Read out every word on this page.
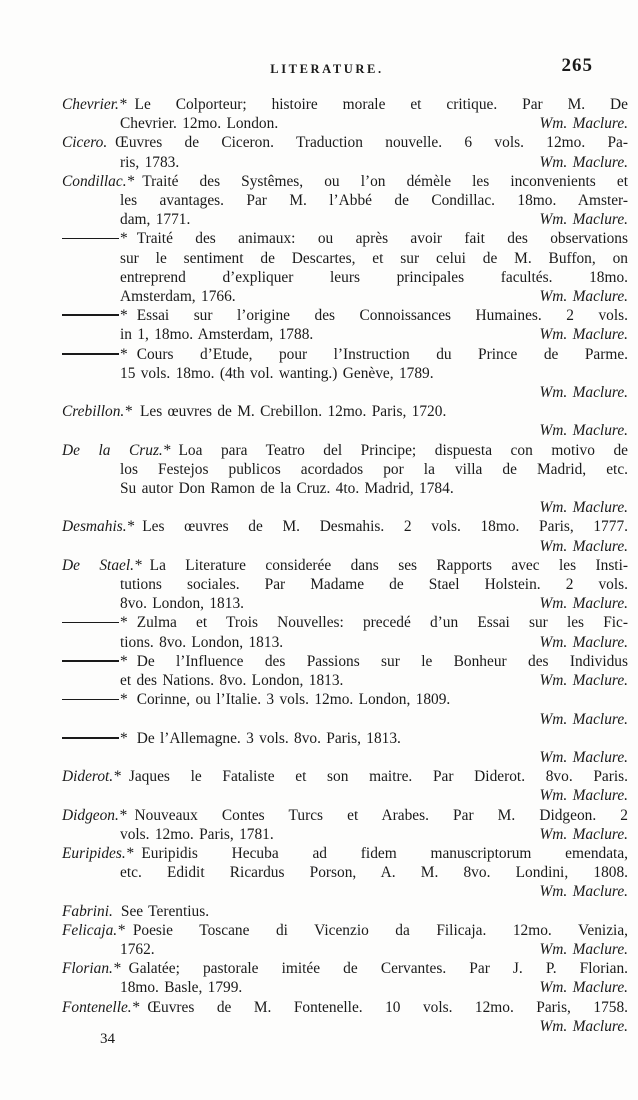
LITERATURE.	265
Chevrier.* Le Colporteur; histoire morale et critique. Par M. De
Chevrier. 12mo. London.	Wm. Maclure.
Cicero. Œuvres de Ciceron. Traduction nouvelle. 6 vols. 12mo. Pa-
ris, 1783.	Wm. Maclure.
Condillac.* Traité des Systêmes, ou l’on démèle les inconvenients et
les avantages. Par M. l’Abbé de Condillac. 18mo. Amster-
dam, 1771.	Wm. Maclure.
* Traité des animaux: ou après avoir fait des observations
sur le sentiment de Descartes, et sur celui de M. Buffon, on
entreprend d’expliquer leurs principales facultés. 18mo.
Amsterdam, 1766.	Wm. Maclure.
* Essai sur l’origine des Connoissances Humaines. 2 vols.
in 1, 18mo. Amsterdam, 1788.	Wm. Maclure.
* Cours d’Etude, pour l’Instruction du Prince de Parme.
15 vols. 18mo. (4th vol. wanting.) Genève, 1789.
Wm. Maclure.
Crebillon.* Les œuvres de M. Crebillon. 12mo. Paris, 1720.
Wm. Maclure.
De la Cruz.* Loa para Teatro del Principe; dispuesta con motivo de
los Festejos publicos acordados por la villa de Madrid, etc.
Su autor Don Ramon de la Cruz. 4to. Madrid, 1784.
Wm. Maclure.
Desmahis.* Les œuvres de M. Desmahis. 2 vols. 18mo. Paris, 1777.
Wm. Maclure.
De Stael.* La Literature considerée dans ses Rapports avec les Insti-
tutions sociales. Par Madame de Stael Holstein. 2 vols.
8vo. London, 1813.	Wm. Maclure.
* Zulma et Trois Nouvelles: precedé d’un Essai sur les Fic-
tions. 8vo. London, 1813.	Wm. Maclure.
* De l’Influence des Passions sur le Bonheur des Individus
et des Nations. 8vo. London, 1813.	Wm. Maclure.
* Corinne, ou l’Italie. 3 vols. 12mo. London, 1809.
Wm. Maclure.
* De l’Allemagne. 3 vols. 8vo. Paris, 1813.
Wm. Maclure.
Diderot.* Jaques le Fataliste et son maitre. Par Diderot. 8vo. Paris.
Wm. Maclure.
Didgeon.* Nouveaux Contes Turcs et Arabes. Par M. Didgeon. 2
vols. 12mo. Paris, 1781.	Wm. Maclure.
Euripides.* Euripidis Hecuba ad fidem manuscriptorum emendata,
etc. Edidit Ricardus Porson, A. M. 8vo. Londini, 1808.
Wm. Maclure.
Fabrini. See Terentius.
Felicaja.* Poesie Toscane di Vicenzio da Filicaja. 12mo. Venizia,
1762.	Wm. Maclure.
Florian.* Galatée; pastorale imitée de Cervantes. Par J. P. Florian.
18mo. Basle, 1799.	Wm. Maclure.
Fontenelle.* Œuvres de M. Fontenelle. 10 vols. 12mo. Paris, 1758.
Wm. Maclure.
34
